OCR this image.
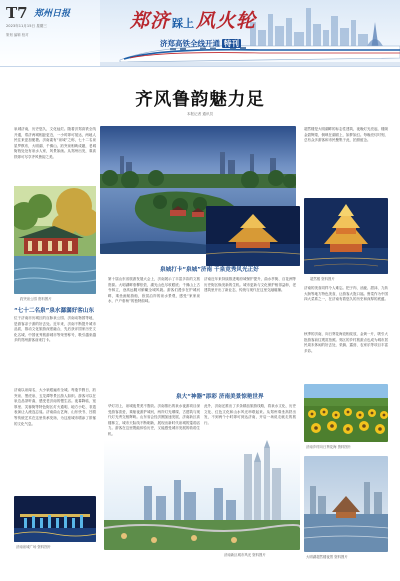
T7 郑州日报
2023年11月15日 星期三
策划 编辑 校对
郑济 踩上 风火轮
济郑高铁全线开通 特刊
齐风鲁韵魅力足
本报记者 通讯员
泉城济南，历史悠久，文化灿烂。随着济郑高铁全线开通，郑济两城相距更近，一小时即可抵达，两地人民往来更加便捷。济南素有“泉城”之称，七十二名泉星罗棋布，大明湖、千佛山、趵突泉相映成趣，老城街巷处处有泉水人家，风景如画。从郑州出发，乘高铁即可尽享齐风鲁韵之美。
趵突泉公园 资料图片
“七十二名泉”泉水潺潺好客山东
位于济南市历城区的百脉泉公园、济南动物园等地，是游客亲子游的好去处。近年来，济南不断提升城市品质，推动文化旅游深度融合，先后获评国家历史文化名城、中国优秀旅游城市等荣誉称号，吸引越来越多的郑州游客前来打卡。
济南以泉闻名，大小泉眼遍布全城。每逢节假日，趵突泉、黑虎泉、五龙潭等景区游人如织。游客可以在泉边品茶听曲，感受老济南的慢生活。夜幕降临，宽厚里、芙蓉街等特色街区灯火通明，地方小吃、非遗表演让人流连忘返。济南曲山艺海，山东快书、吕剧等传统艺术在这里传承发扬，为这座城市增添了浓郁的文化气息。
济南泉城广场 资料图片
泉城打卡“泉城”济南 千泉竞秀风光正好
第十届山东省旅游发展大会上，济南展示了丰富多彩的文旅资源。大明湖畔垂柳依依，湖光山色尽收眼底；千佛山上古寺林立，登高远眺可俯瞰全城风貌。游客们漫步在护城河畔，乘坐画舫游船，欣赏沿岸的泉水景观，感受“家家泉水，户户垂杨”的独特韵味。
济南近年来持续推进明府城保护提升，曲水亭街、百花洲等历史街区焕发新的生机。城市更新与文化保护相得益彰，老建筑里开出了新业态，传统与现代在这里交融碰撞。
泉大“神器”添彩 济南美景惊艳世界
华灯初上，泉城夜景美不胜收。济南推出的泉水夜游项目深受游客喜爱，乘船夜游护城河，两岸灯光璀璨，古建筑与现代灯光秀交相辉映。山东省会经济圈加速发展，济南新区高楼林立，城市天际线不断刷新，展现出新时代泉城的蓬勃活力。游客在这里既能体验历史，又能感受城市发展的勃勃生机。
此外，济南还推出了多条精品旅游线路，将泉水文化、历史文化、红色文化和山水风光串联起来。从郑州乘坐高铁出发，不到两个小时即可到达济南，开启一场说走就走的旅行。
济南新区城市风光 资料图片
超然楼是大明湖畔的标志性建筑，夜晚灯光亮起，楼阁金碧辉煌，倒映在湖面上，如梦如幻。每晚亮灯时刻，总有众多游客和市民聚集于此，拍照留念。
超然楼 资料图片
济南的美食同样令人难忘。把子肉、油旋、甜沫、九转大肠等地方特色美食，让游客大饱口福。鲁菜作为中国四大菜系之一，在济南有着悠久的历史和深厚的底蕴。
秋季的济南，向日葵花海竞相绽放，金黄一片，吸引大批游客前往观赏拍照。郊区的乡村旅游点也成为城市居民周末休闲的好去处，采摘、露营、农家乐等项目丰富多彩。
济南乡村向日葵花海 资料图片
大明湖超然楼夜景 资料图片
